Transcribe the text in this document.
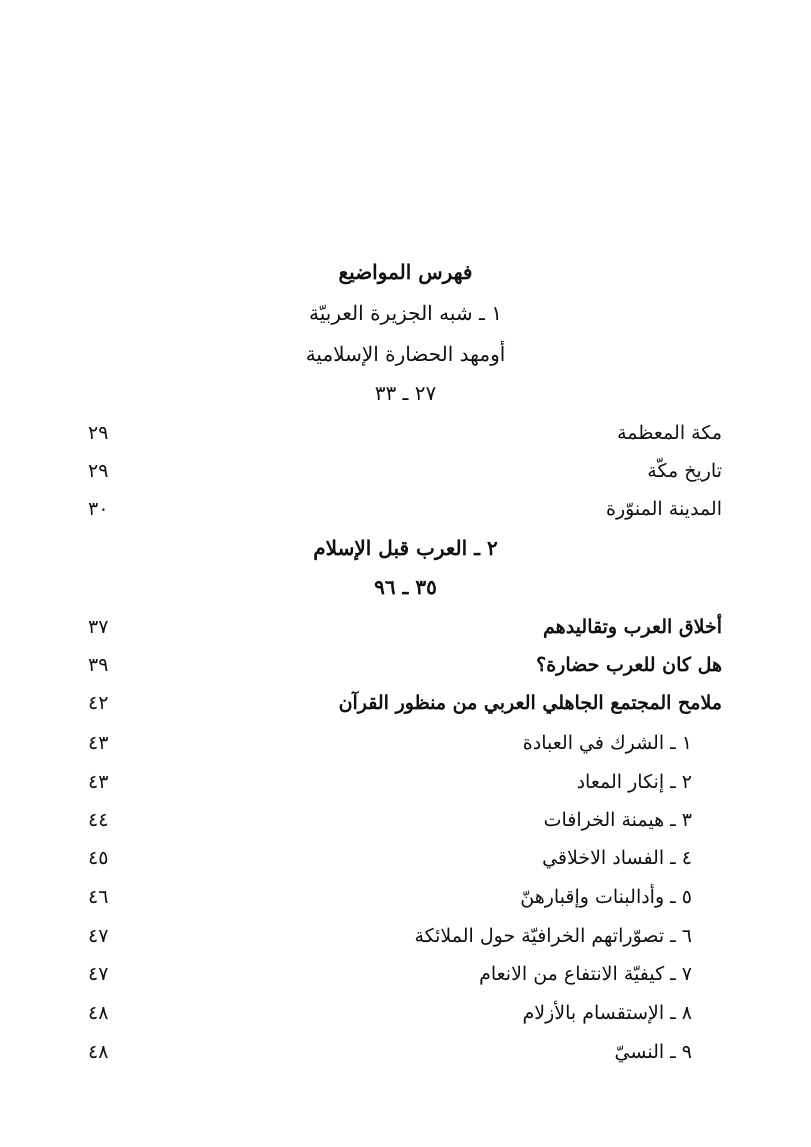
فهرس المواضيع
١ ـ شبه الجزيرة العربيّة
أومهد الحضارة الإسلامية
٢٧ ـ ٣٣
مكة المعظمة
٢٩
تاريخ مكّة
٢٩
المدينة المنوّرة
٣٠
٢ ـ العرب قبل الإسلام
٣٥ ـ ٩٦
أخلاق العرب وتقاليدهم
٣٧
هل كان للعرب حضارة؟
٣٩
ملامح المجتمع الجاهلي العربي من منظور القرآن
٤٢
١ ـ الشرك في العبادة
٤٣
٢ ـ إنكار المعاد
٤٣
٣ ـ هيمنة الخرافات
٤٤
٤ ـ الفساد الاخلاقي
٤٥
٥ ـ وأدالبنات وإقبارهنّ
٤٦
٦ ـ تصوّراتهم الخرافيّة حول الملائكة
٤٧
٧ ـ كيفيّة الانتفاع من الانعام
٤٧
٨ ـ الإستقسام بالأزلام
٤٨
٩ ـ النسيّ
٤٨
